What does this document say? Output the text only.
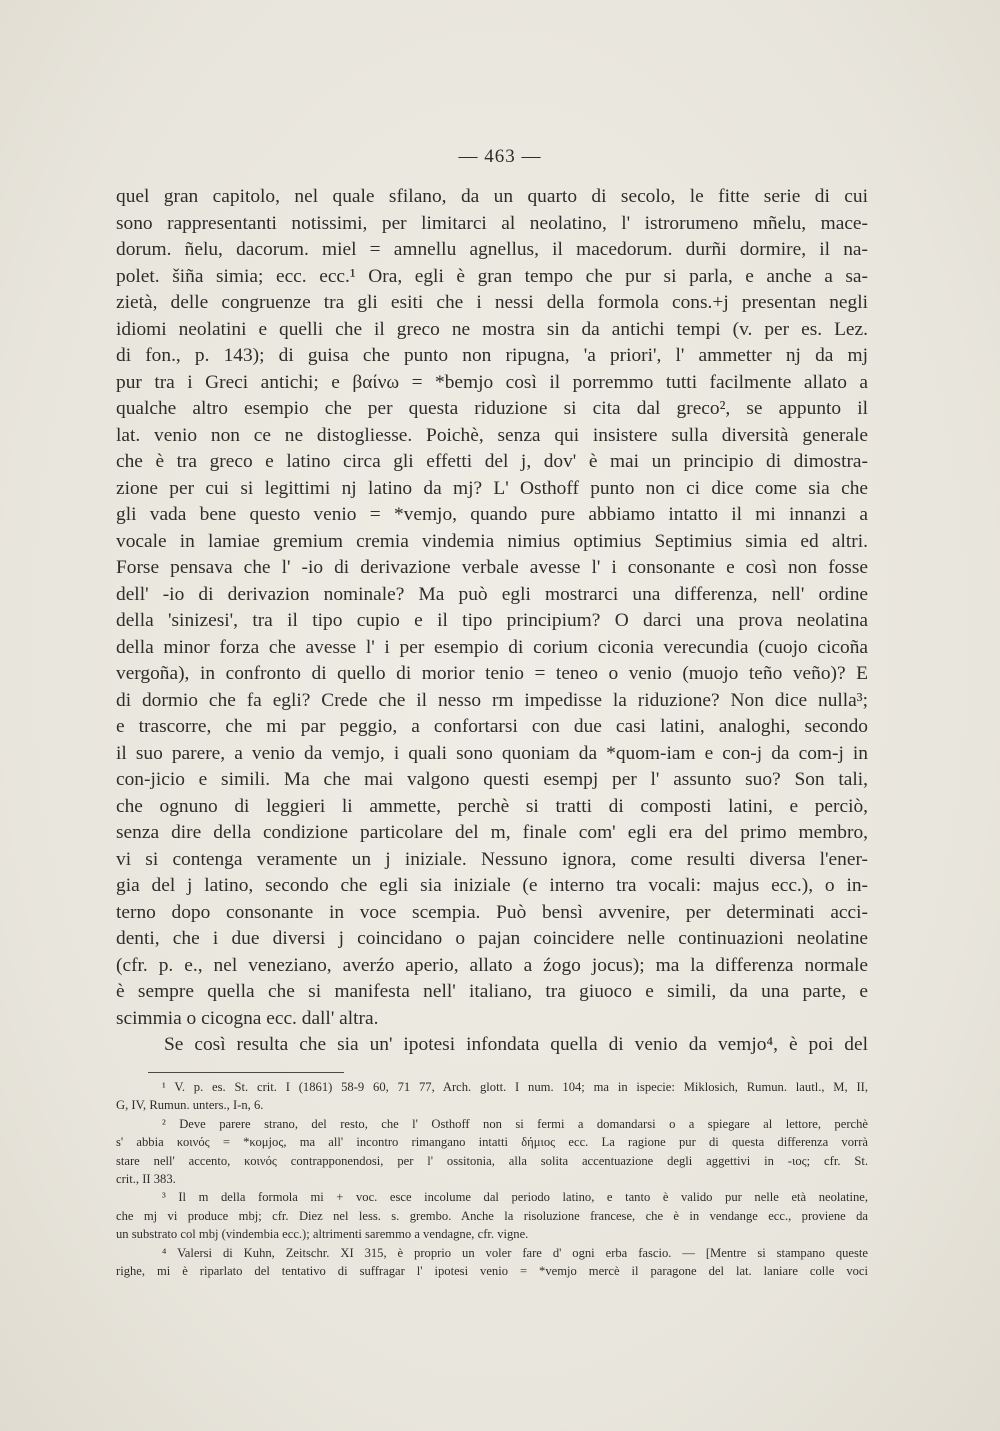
— 463 —
quel gran capitolo, nel quale sfilano, da un quarto di secolo, le fitte serie di cui
sono rappresentanti notissimi, per limitarci al neolatino, l' istrorumeno mñelu, mace-
dorum. ñelu, dacorum. miel = amnellu agnellus, il macedorum. durñi dormire, il na-
polet. šiña simia; ecc. ecc.¹ Ora, egli è gran tempo che pur si parla, e anche a sa-
zietà, delle congruenze tra gli esiti che i nessi della formola cons.+j presentan negli
idiomi neolatini e quelli che il greco ne mostra sin da antichi tempi (v. per es. Lez.
di fon., p. 143); di guisa che punto non ripugna, 'a priori', l' ammetter nj da mj
pur tra i Greci antichi; e βαίνω = *bemjo così il porremmo tutti facilmente allato a
qualche altro esempio che per questa riduzione si cita dal greco², se appunto il
lat. venio non ce ne distogliesse. Poichè, senza qui insistere sulla diversità generale
che è tra greco e latino circa gli effetti del j, dov' è mai un principio di dimostra-
zione per cui si legittimi nj latino da mj? L' Osthoff punto non ci dice come sia che
gli vada bene questo venio = *vemjo, quando pure abbiamo intatto il mi innanzi a
vocale in lamiae gremium cremia vindemia nimius optimius Septimius simia ed altri.
Forse pensava che l' -io di derivazione verbale avesse l' i consonante e così non fosse
dell' -io di derivazion nominale? Ma può egli mostrarci una differenza, nell' ordine
della 'sinizesi', tra il tipo cupio e il tipo principium? O darci una prova neolatina
della minor forza che avesse l' i per esempio di corium ciconia verecundia (cuojo cicoña
vergoña), in confronto di quello di morior tenio = teneo o venio (muojo teño veño)? E
di dormio che fa egli? Crede che il nesso rm impedisse la riduzione? Non dice nulla³;
e trascorre, che mi par peggio, a confortarsi con due casi latini, analoghi, secondo
il suo parere, a venio da vemjo, i quali sono quoniam da *quom-iam e con-j da com-j in
con-jicio e simili. Ma che mai valgono questi esempj per l' assunto suo? Son tali,
che ognuno di leggieri li ammette, perchè si tratti di composti latini, e perciò,
senza dire della condizione particolare del m, finale com' egli era del primo membro,
vi si contenga veramente un j iniziale. Nessuno ignora, come resulti diversa l'ener-
gia del j latino, secondo che egli sia iniziale (e interno tra vocali: majus ecc.), o in-
terno dopo consonante in voce scempia. Può bensì avvenire, per determinati acci-
denti, che i due diversi j coincidano o pajan coincidere nelle continuazioni neolatine
(cfr. p. e., nel veneziano, averźo aperio, allato a źogo jocus); ma la differenza normale
è sempre quella che si manifesta nell' italiano, tra giuoco e simili, da una parte, e
scimmia o cicogna ecc. dall' altra.
Se così resulta che sia un' ipotesi infondata quella di venio da vemjo⁴, è poi del
¹ V. p. es. St. crit. I (1861) 58-9 60, 71 77, Arch. glott. I num. 104; ma in ispecie: Miklosich, Rumun. lautl., M, II,
G, IV, Rumun. unters., I-n, 6.
² Deve parere strano, del resto, che l' Osthoff non si fermi a domandarsi o a spiegare al lettore, perchè
s' abbia κοινός = *κομjος, ma all' incontro rimangano intatti δήμιος ecc. La ragione pur di questa differenza vorrà
stare nell' accento, κοινός contrapponendosi, per l' ossitonia, alla solita accentuazione degli aggettivi in -ιος; cfr. St.
crit., II 383.
³ Il m della formola mi + voc. esce incolume dal periodo latino, e tanto è valido pur nelle età neolatine,
che mj vi produce mbj; cfr. Diez nel less. s. grembo. Anche la risoluzione francese, che è in vendange ecc., proviene da
un substrato col mbj (vindembia ecc.); altrimenti saremmo a vendagne, cfr. vigne.
⁴ Valersi di Kuhn, Zeitschr. XI 315, è proprio un voler fare d' ogni erba fascio. — [Mentre si stampano queste
righe, mi è riparlato del tentativo di suffragar l' ipotesi venio = *vemjo mercè il paragone del lat. laniare colle voci
